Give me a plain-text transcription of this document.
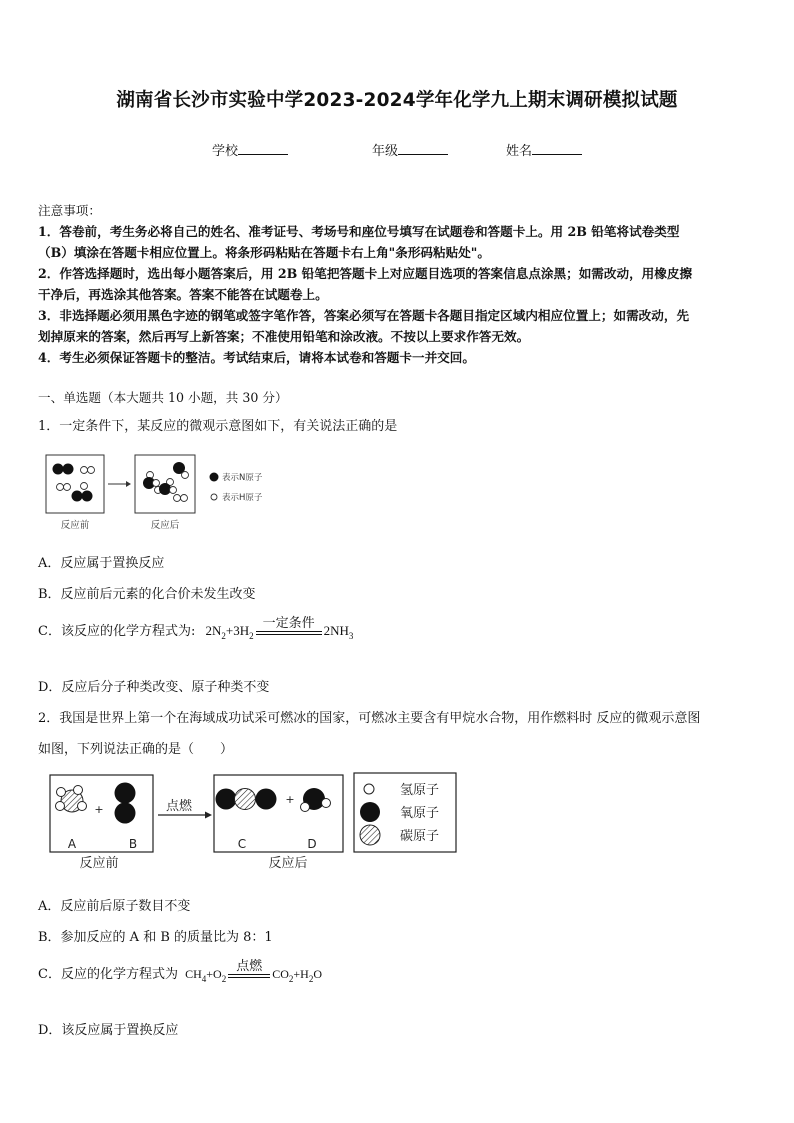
湖南省长沙市实验中学2023-2024学年化学九上期末调研模拟试题
学校	年级	姓名
注意事项：
1．答卷前，考生务必将自己的姓名、准考证号、考场号和座位号填写在试题卷和答题卡上。用 2B 铅笔将试卷类型
（B）填涂在答题卡相应位置上。将条形码粘贴在答题卡右上角"条形码粘贴处"。
2．作答选择题时，选出每小题答案后，用 2B 铅笔把答题卡上对应题目选项的答案信息点涂黑；如需改动，用橡皮擦
干净后，再选涂其他答案。答案不能答在试题卷上。
3．非选择题必须用黑色字迹的钢笔或签字笔作答，答案必须写在答题卡各题目指定区域内相应位置上；如需改动，先
划掉原来的答案，然后再写上新答案；不准使用铅笔和涂改液。不按以上要求作答无效。
4．考生必须保证答题卡的整洁。考试结束后，请将本试卷和答题卡一并交回。
一、单选题（本大题共 10 小题，共 30 分）
1．一定条件下，某反应的微观示意图如下，有关说法正确的是
反应前	反应后
表示N原子
表示H原子
A．反应属于置换反应
B．反应前后元素的化合价未发生改变
C．该反应的化学方程式为: $2N_2+3H_2$
一定条件 $2NH_3$
D．反应后分子种类改变、原子种类不变
2．我国是世界上第一个在海域成功试采可燃冰的国家，可燃冰主要含有甲烷水合物，用作燃料时 反应的微观示意图
如图，下列说法正确的是（　　）
+
A	B
反应前
点燃	+
C	D
反应后
氢原子
氧原子
碳原子
A．反应前后原子数目不变
B．参加反应的 A 和 B 的质量比为 8：1
C．反应的化学方程式为 $CH_4+O_2$
点燃
$CO_2+H_2O$
D．该反应属于置换反应
